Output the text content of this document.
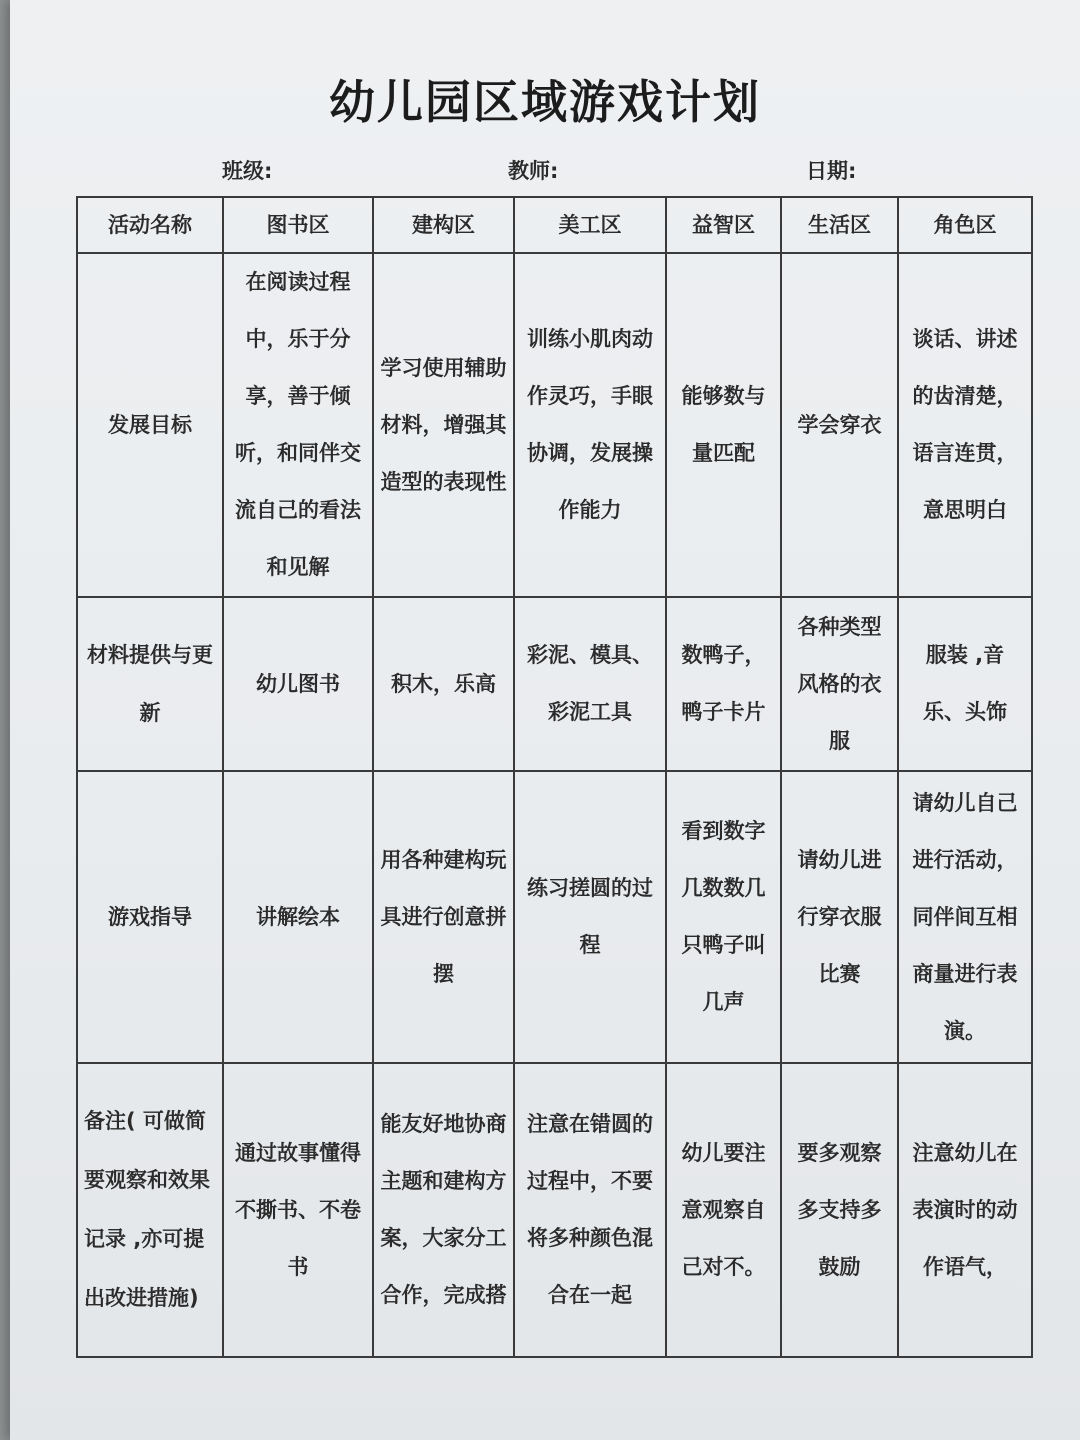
幼儿园区域游戏计划
班级:	教师:	日期:
活动名称	图书区	建构区	美工区	益智区	生活区	角色区
发展目标	在阅读过程中，乐于分享，善于倾听，和同伴交流自己的看法和见解	学习使用辅助材料，增强其造型的表现性	训练小肌肉动作灵巧，手眼协调，发展操作能力	能够数与量匹配	学会穿衣	谈话、讲述的齿清楚，语言连贯，意思明白
材料提供与更新	幼儿图书	积木，乐高	彩泥、模具、彩泥工具	数鸭子，鸭子卡片	各种类型风格的衣服	服装 ,音乐、头饰
游戏指导	讲解绘本	用各种建构玩具进行创意拼摆	练习搓圆的过程	看到数字几数数几只鸭子叫几声	请幼儿进行穿衣服比赛	请幼儿自己进行活动，同伴间互相商量进行表演。
备注( 可做简要观察和效果记录 ,亦可提出改进措施)	通过故事懂得不撕书、不卷书	能友好地协商主题和建构方案，大家分工合作，完成搭	注意在错圆的过程中，不要将多种颜色混合在一起	幼儿要注意观察自己对不。	要多观察多支持多鼓励	注意幼儿在表演时的动作语气，
